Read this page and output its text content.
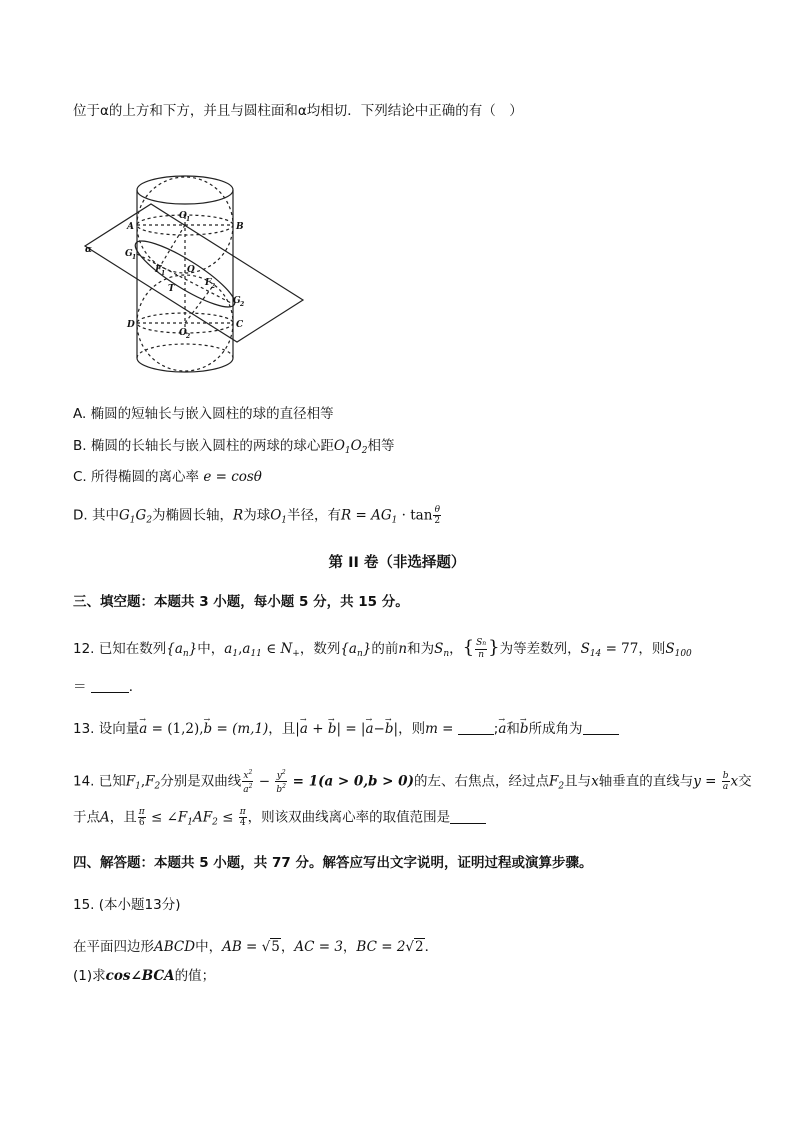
位于α的上方和下方，并且与圆柱面和α均相切．下列结论中正确的有（　）
α
A	B
O 1
G 1
F 1 O
F 2
G 2
T
D	C
O 2
A. 椭圆的短轴长与嵌入圆柱的球的直径相等
B. 椭圆的长轴长与嵌入圆柱的两球的球心距$O_1O_2$相等
C. 所得椭圆的离心率 e = cosθ
D. 其中$G_1G_2$为椭圆长轴，R为球$O_1$半径，有$R = AG_1 \cdot \tan \frac{\theta}{2}$
第 II 卷（非选择题）
三、填空题：本题共 3 小题，每小题 5 分，共 15 分。
12. 已知在数列$\{a_n\}$中，$a_1,a_{11}$ ∈ $N_+$，数列$\{a_n\}$的前n和为$S_n$，{ $\frac{Sn}{n}$ }为等差数列，$S_{14} = 77$，则$S_{100}$
＝	．
13. 设向量→ a = (1,2),→ b = (m,1)，且|→ a + → b| = |→ a−→ b|，则m =	;→ a和→ b所成角为
14. 已知$F_1,F_2$分别是双曲线 $\frac{x^2}{a^2} - \frac{y^2}{b^2} = 1(a > 0,b > 0)$的左、右焦点，经过点$F_2$且与x轴垂直的直线与$y = \frac{b}{a}$ x交
于点A，且 $\frac{\pi}{6}$ ≤ $\angle F_1AF_2 \le \frac{\pi}{4}$ ，则该双曲线离心率的取值范围是
四、解答题：本题共 5 小题，共 77 分。解答应写出文字说明，证明过程或演算步骤。
15. (本小题13分)
在平面四边形ABCD中，AB = √5，AC = 3，BC = 2√2．
(1)求cos∠BCA的值；
